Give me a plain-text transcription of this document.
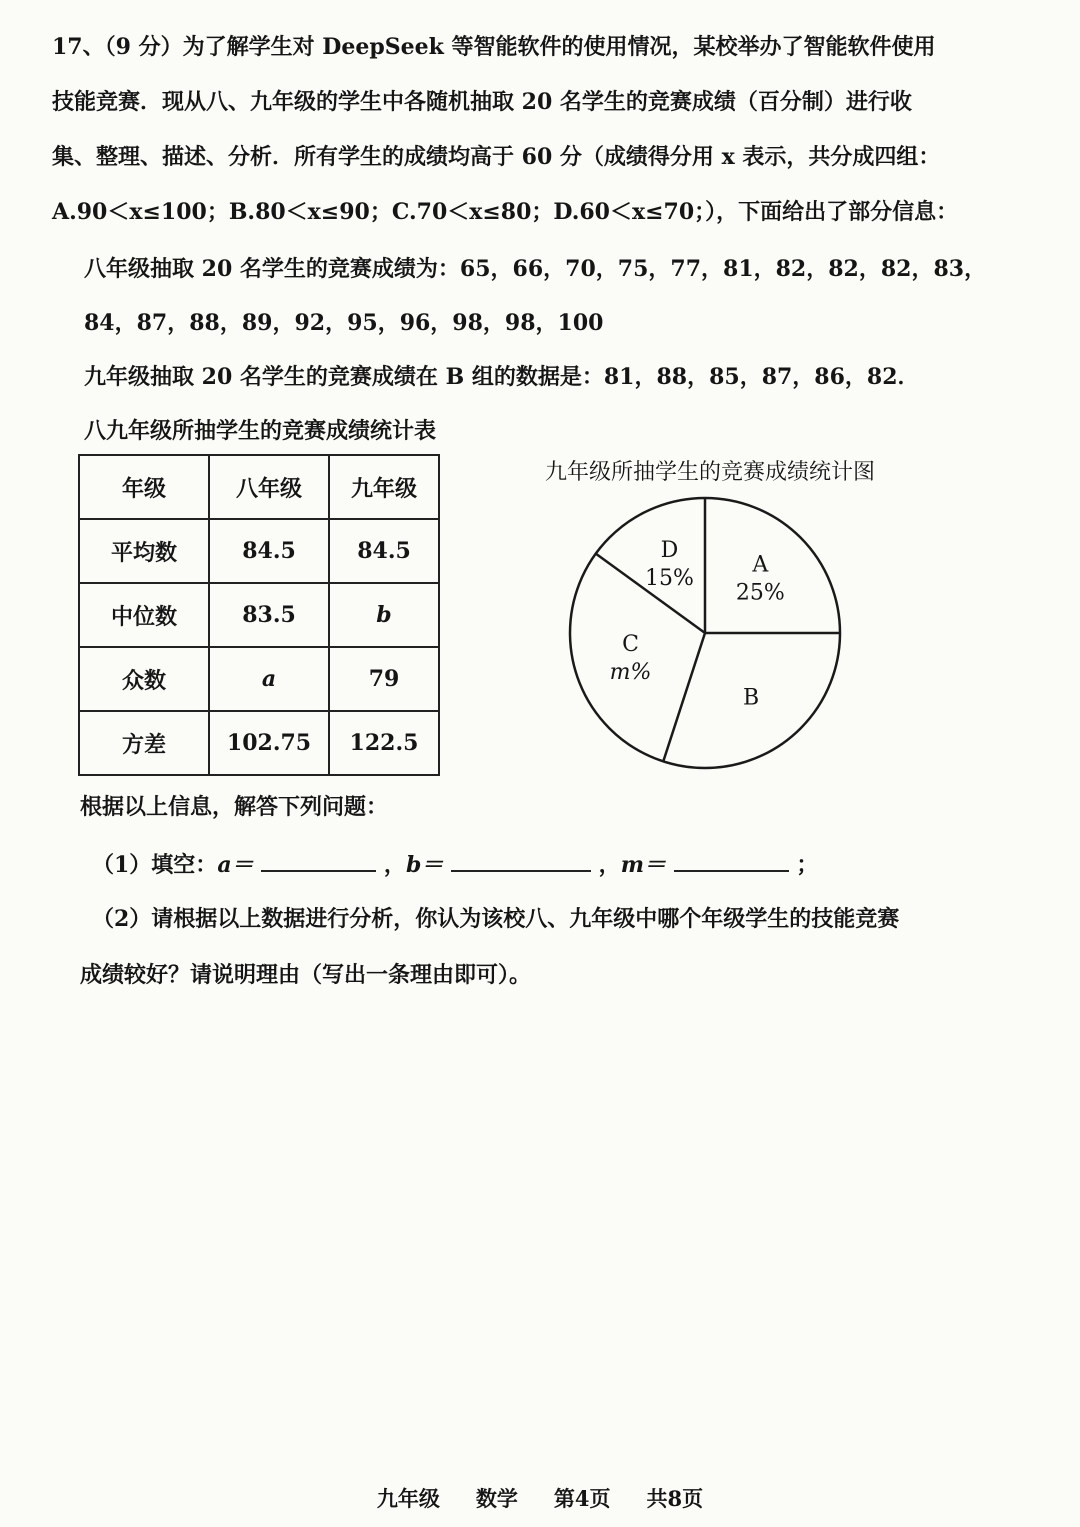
17、（9 分）为了解学生对 DeepSeek 等智能软件的使用情况，某校举办了智能软件使用
技能竞赛．现从八、九年级的学生中各随机抽取 20 名学生的竞赛成绩（百分制）进行收
集、整理、描述、分析．所有学生的成绩均高于 60 分（成绩得分用 x 表示，共分成四组：
A.90＜x≤100；B.80＜x≤90；C.70＜x≤80；D.60＜x≤70；），下面给出了部分信息：
八年级抽取 20 名学生的竞赛成绩为：65，66，70，75，77，81，82，82，82，83，
84，87，88，89，92，95，96，98，98，100
九年级抽取 20 名学生的竞赛成绩在 B 组的数据是：81，88，85，87，86，82．
八九年级所抽学生的竞赛成绩统计表
年级	八年级	九年级
平均数	84.5	84.5
中位数	83.5	b
众数	a	79
方差	102.75	122.5
九年级所抽学生的竞赛成绩统计图
A
25%
B
C
m%
D
15%
根据以上信息，解答下列问题：
（1）填空：a＝	，b＝	，m＝	；
（2）请根据以上数据进行分析，你认为该校八、九年级中哪个年级学生的技能竞赛
成绩较好？请说明理由（写出一条理由即可）。
九年级 数学 第4页 共8页
